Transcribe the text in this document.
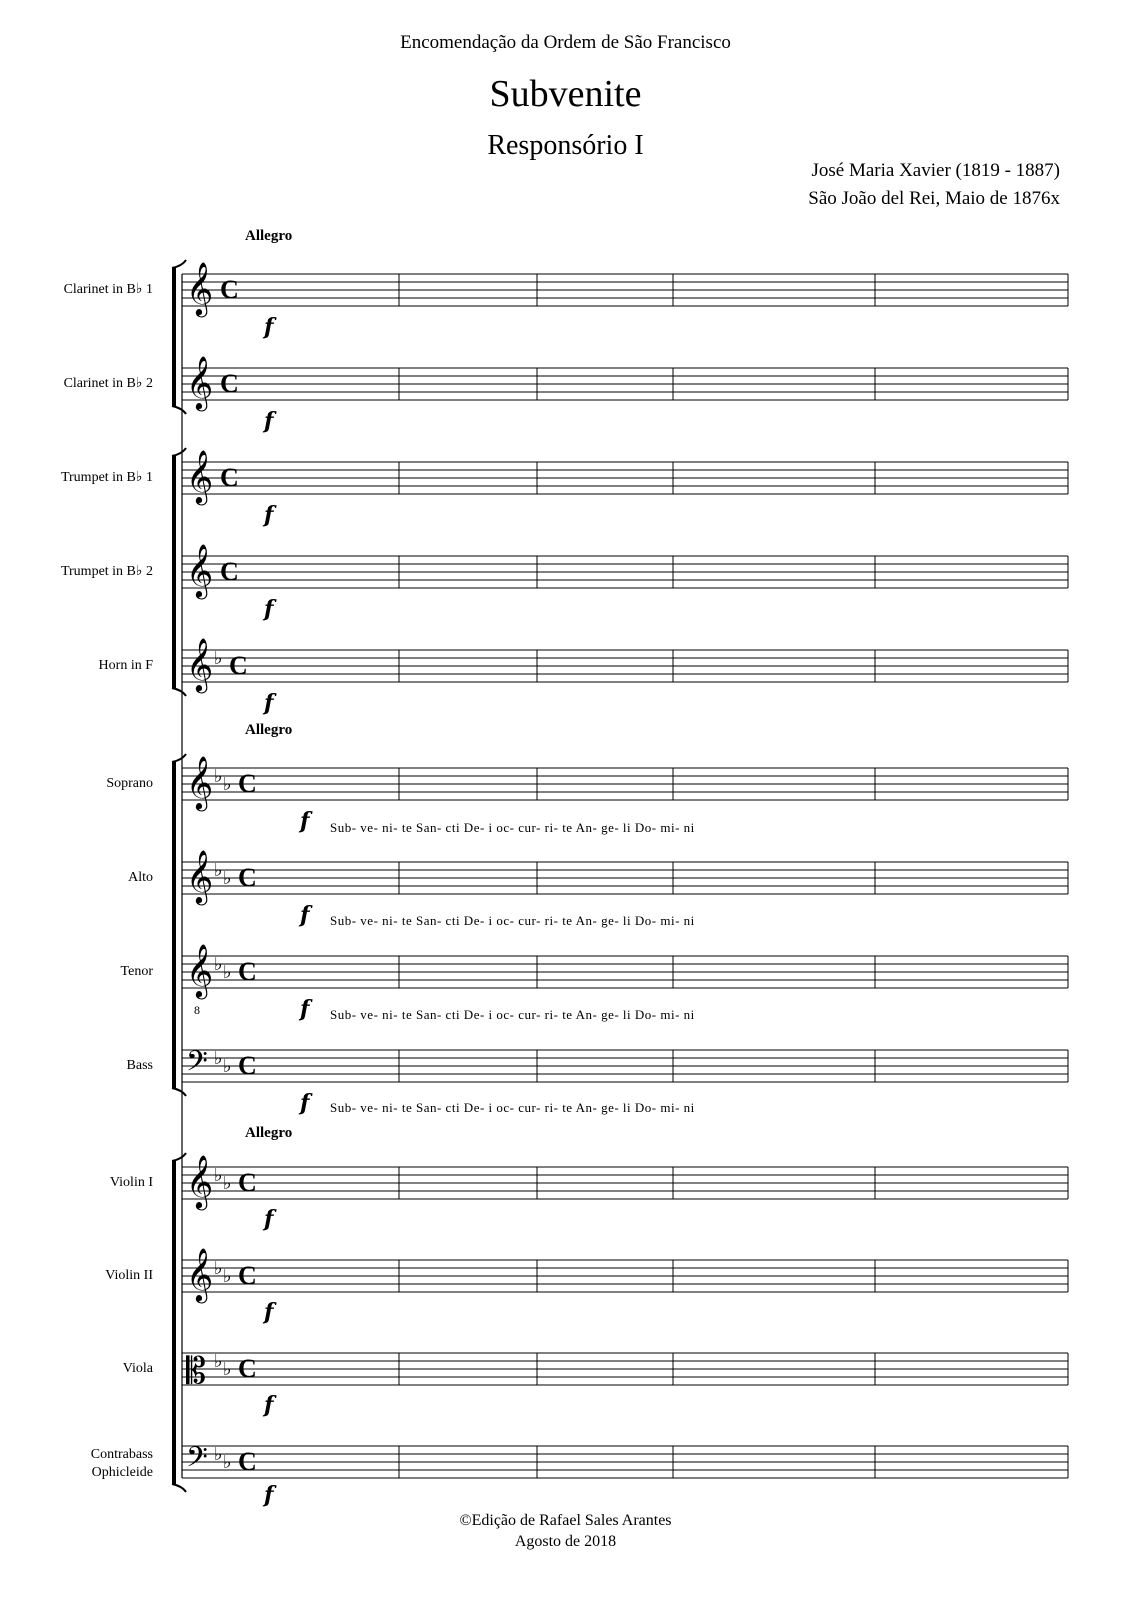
Encomendação da Ordem de São Francisco
Subvenite
Responsório I
José Maria Xavier (1819 - 1887)
São João del Rei, Maio de 1876x
Allegro
Allegro
Allegro
Clarinet in B♭ 1
Clarinet in B♭ 2
Trumpet in B♭ 1
Trumpet in B♭ 2
Horn in F
Soprano
Alto
Tenor
Bass
Violin I
Violin II
Viola
Contrabass
Ophicleide
Sub- ve- ni- te San- cti De- i oc- cur- ri- te An- ge- li Do- mi- ni
Sub- ve- ni- te San- cti De- i oc- cur- ri- te An- ge- li Do- mi- ni
Sub- ve- ni- te San- cti De- i oc- cur- ri- te An- ge- li Do- mi- ni
Sub- ve- ni- te San- cti De- i oc- cur- ri- te An- ge- li Do- mi- ni
f
f
f
f
f
f
f
f
f
f
f
f
f
𝄞 C
𝄞 C
𝄞 C
𝄞 C
𝄞 ♭ C
𝄞 ♭ ♭ C
𝄞 ♭ ♭ C
𝄞
8
♭ ♭ C
𝄢 ♭ ♭ C
𝄞 ♭ ♭ C
𝄞 ♭ ♭ C
𝄡 ♭ ♭ C
𝄢 ♭ ♭ C
©Edição de Rafael Sales Arantes
Agosto de 2018
